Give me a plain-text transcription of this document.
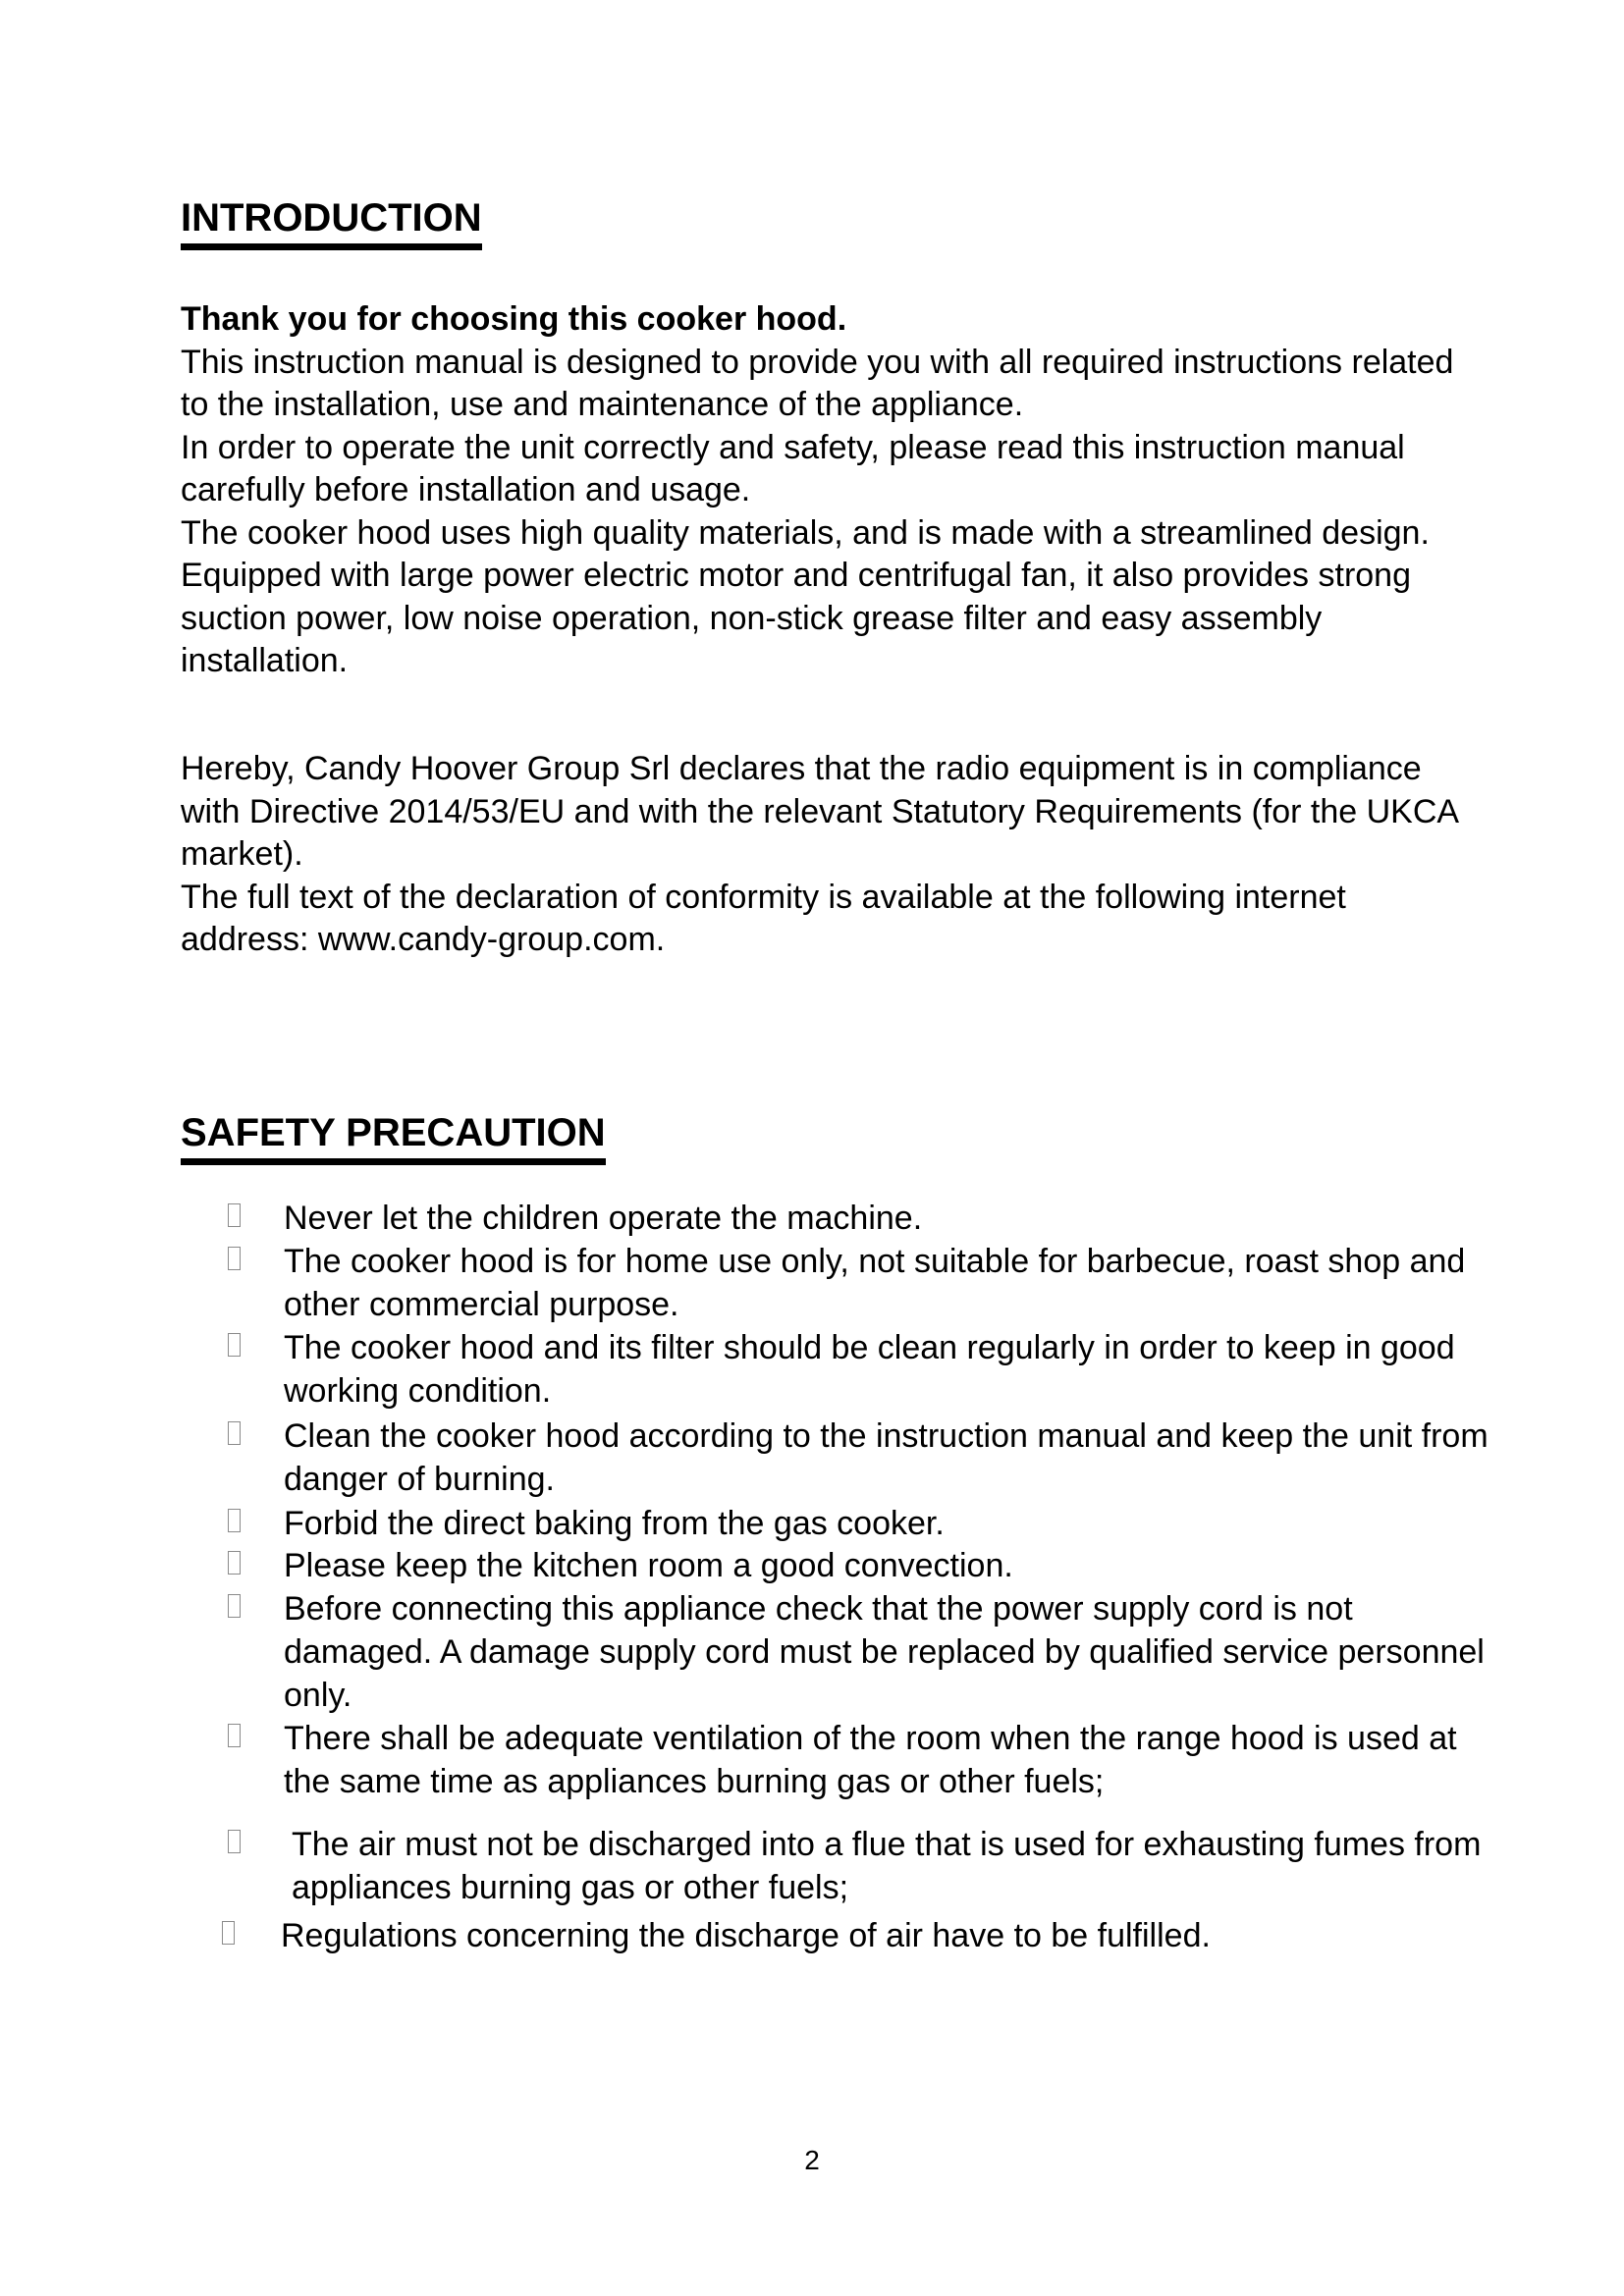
INTRODUCTION

Thank you for choosing this cooker hood.

This instruction manual is designed to provide you with all required instructions related to the installation, use and maintenance of the appliance.

In order to operate the unit correctly and safety, please read this instruction manual carefully before installation and usage.

The cooker hood uses high quality materials, and is made with a streamlined design. Equipped with large power electric motor and centrifugal fan, it also provides strong suction power, low noise operation, non-stick grease filter and easy assembly installation.

Hereby, Candy Hoover Group Srl declares that the radio equipment is in compliance with Directive 2014/53/EU and with the relevant Statutory Requirements (for the UKCA market).

The full text of the declaration of conformity is available at the following internet address: www.candy-group.com.

SAFETY PRECAUTION
Never let the children operate the machine.
The cooker hood is for home use only, not suitable for barbecue, roast shop and other commercial purpose.
The cooker hood and its filter should be clean regularly in order to keep in good working condition.
Clean the cooker hood according to the instruction manual and keep the unit from danger of burning.
Forbid the direct baking from the gas cooker.
Please keep the kitchen room a good convection.
Before connecting this appliance check that the power supply cord is not damaged. A damage supply cord must be replaced by qualified service personnel only.
There shall be adequate ventilation of the room when the range hood is used at the same time as appliances burning gas or other fuels;
The air must not be discharged into a flue that is used for exhausting fumes from appliances burning gas or other fuels;
Regulations concerning the discharge of air have to be fulfilled.
2
